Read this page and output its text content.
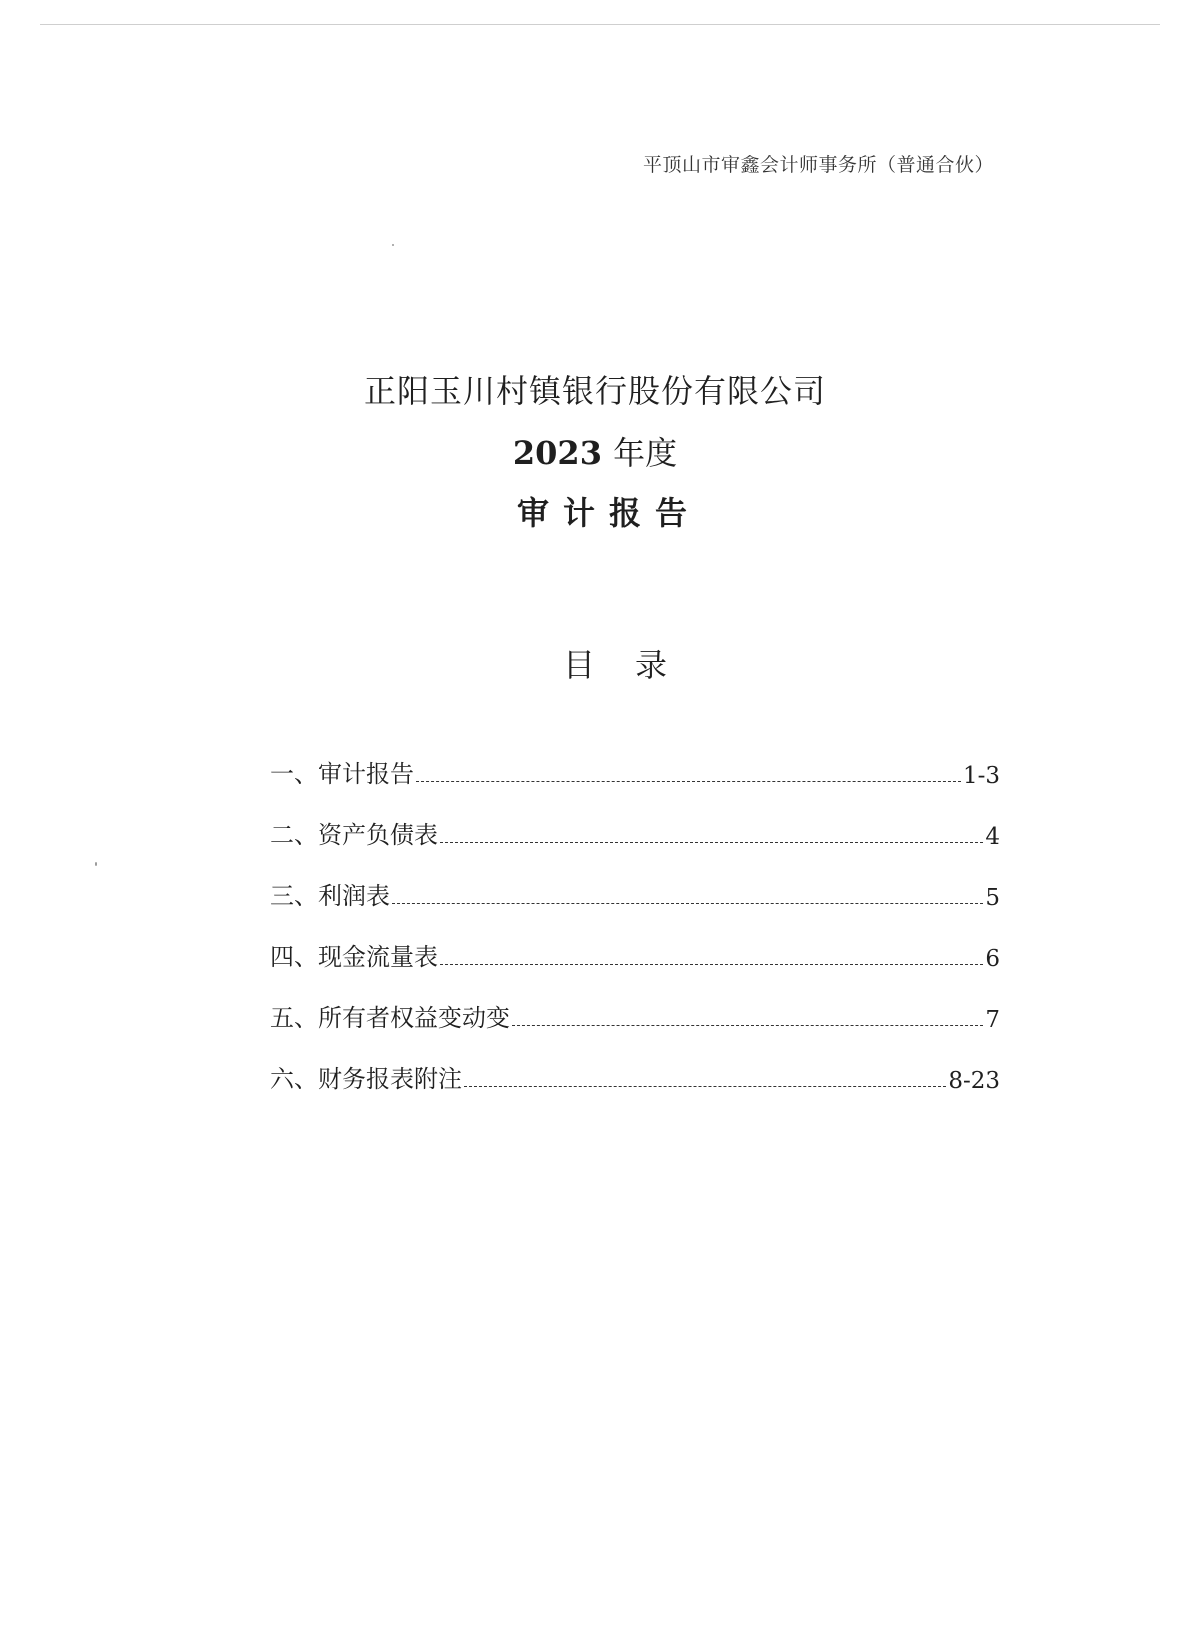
平顶山市审鑫会计师事务所（普通合伙）
正阳玉川村镇银行股份有限公司
2023 年度
审计报告
目录
一、审计报告	1-3
二、资产负债表	4
三、利润表	5
四、现金流量表	6
五、所有者权益变动变	7
六、财务报表附注	8-23
